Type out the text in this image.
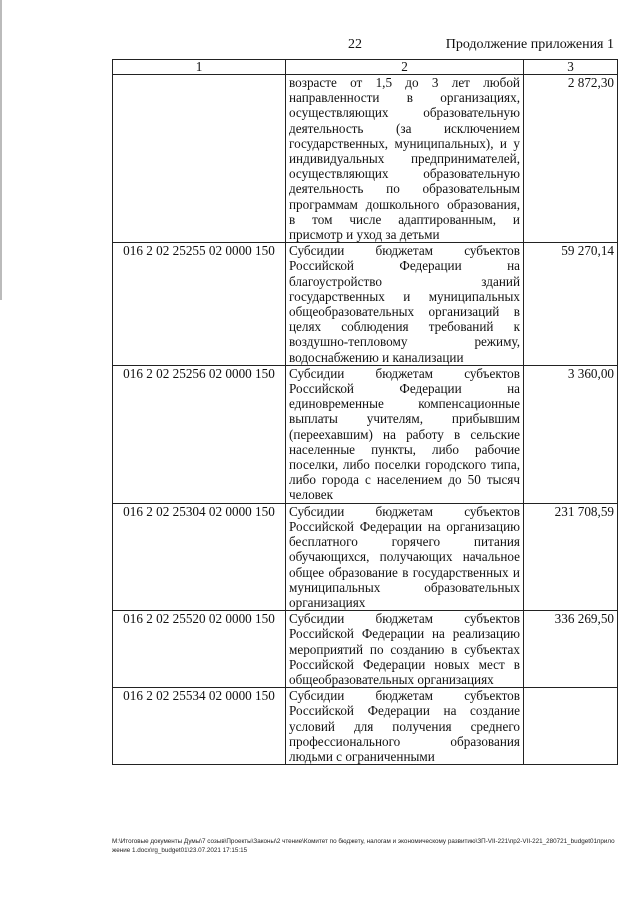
22	Продолжение приложения 1
1	2	3
	возрасте от 1,5 до 3 лет любой направленности в организациях, осуществляющих образовательную деятельность (за исключением государственных, муниципальных), и у индивидуальных предпринимателей, осуществляющих образовательную деятельность по образовательным программам дошкольного образования, в том числе адаптированным, и присмотр и уход за детьми	2 872,30
016 2 02 25255 02 0000 150	Субсидии бюджетам субъектов Российской Федерации на благоустройство зданий государственных и муниципальных общеобразовательных организаций в целях соблюдения требований к воздушно-тепловому режиму, водоснабжению и канализации	59 270,14
016 2 02 25256 02 0000 150	Субсидии бюджетам субъектов Российской Федерации на единовременные компенсационные выплаты учителям, прибывшим (переехавшим) на работу в сельские населенные пункты, либо рабочие поселки, либо поселки городского типа, либо города с населением до 50 тысяч человек	3 360,00
016 2 02 25304 02 0000 150	Субсидии бюджетам субъектов Российской Федерации на организацию бесплатного горячего питания обучающихся, получающих начальное общее образование в государственных и муниципальных образовательных организациях	231 708,59
016 2 02 25520 02 0000 150	Субсидии бюджетам субъектов Российской Федерации на реализацию мероприятий по созданию в субъектах Российской Федерации новых мест в общеобразовательных организациях	336 269,50
016 2 02 25534 02 0000 150	Субсидии бюджетам субъектов Российской Федерации на создание условий для получения среднего профессионального образования людьми с ограниченными	
M:\Итоговые документы Думы\7 созыв\Проекты\Законы\2 чтение\Комитет по бюджету, налогам и экономическому развитию\ЗП-VII-221\пр2-VII-221_280721_budget01приложение 1.docx\rg_budget01\23.07.2021 17:15:15
